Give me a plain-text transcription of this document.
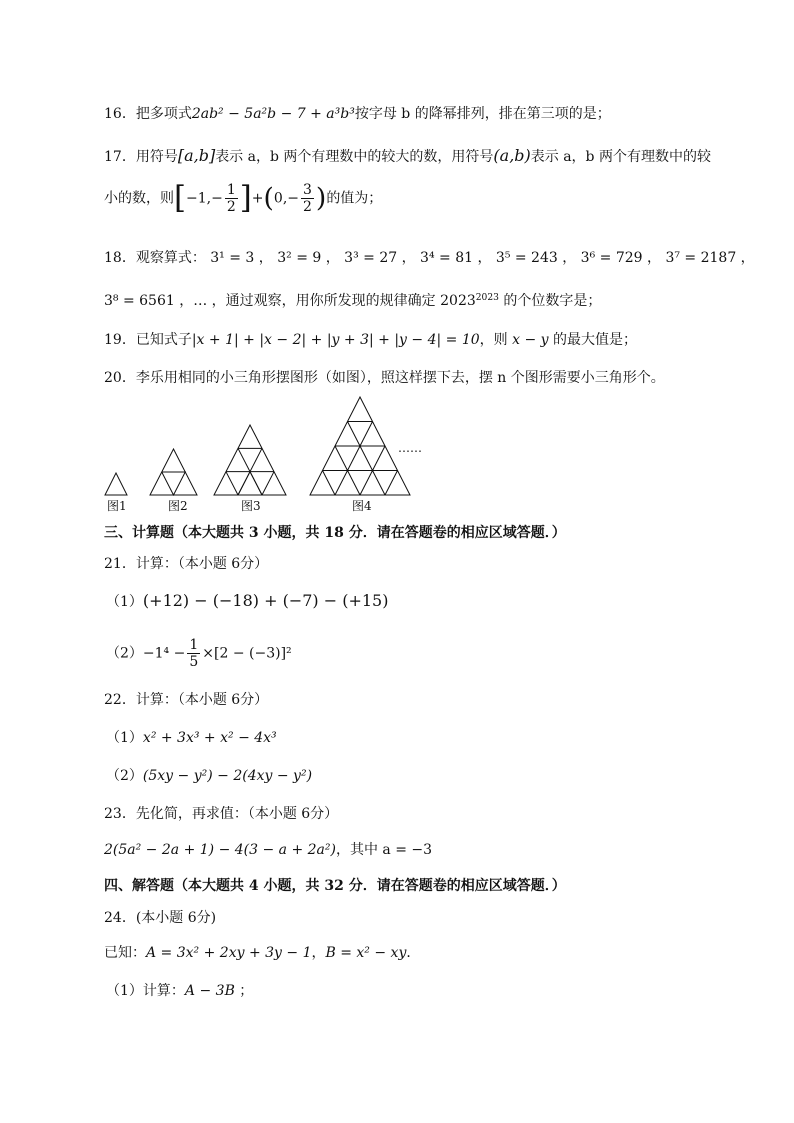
16．把多项式2ab² − 5a²b − 7 + a³b³按字母 b 的降幂排列，排在第三项的是；
17．用符号[a,b]表示 a，b 两个有理数中的较大的数，用符号(a,b)表示 a，b 两个有理数中的较
小的数，则$[-1,- \frac{1}{2} ]+(0,- \frac{3}{2}$ )的值为；
18．观察算式： 3¹ = 3 ， 3² = 9 ， 3³ = 27 ， 3⁴ = 81 ， 3⁵ = 243 ， 3⁶ = 729 ， 3⁷ = 2187 ，
3⁸ = 6561 ，… ，通过观察，用你所发现的规律确定 $2023^{2023}$ 的个位数字是；
19．已知式子|x + 1| + |x − 2| + |y + 3| + |y − 4| = 10，则 x − y 的最大值是；
20．李乐用相同的小三角形摆图形（如图），照这样摆下去，摆 n 个图形需要小三角形个。
图1	图2	图3	图4
……
三、计算题（本大题共 3 小题，共 18 分．请在答题卷的相应区域答题．）
21．计算：（本小题 6分）
（1）(+12) − (−18) + (−7) − (+15)
$(2)-1^4 - \frac{1}{5} \times[2 - (-3)]^2$
22．计算：（本小题 6分）
（1）x² + 3x³ + x² − 4x³
（2）(5xy − y²) − 2(4xy − y²)
23．先化简，再求值：（本小题 6分）
2(5a² − 2a + 1) − 4(3 − a + 2a²)，其中 a = −3
四、解答题（本大题共 4 小题，共 32 分．请在答题卷的相应区域答题．）
24．(本小题 6分)
已知：A = 3x² + 2xy + 3y − 1，B = x² − xy．
（1）计算：A − 3B ；
